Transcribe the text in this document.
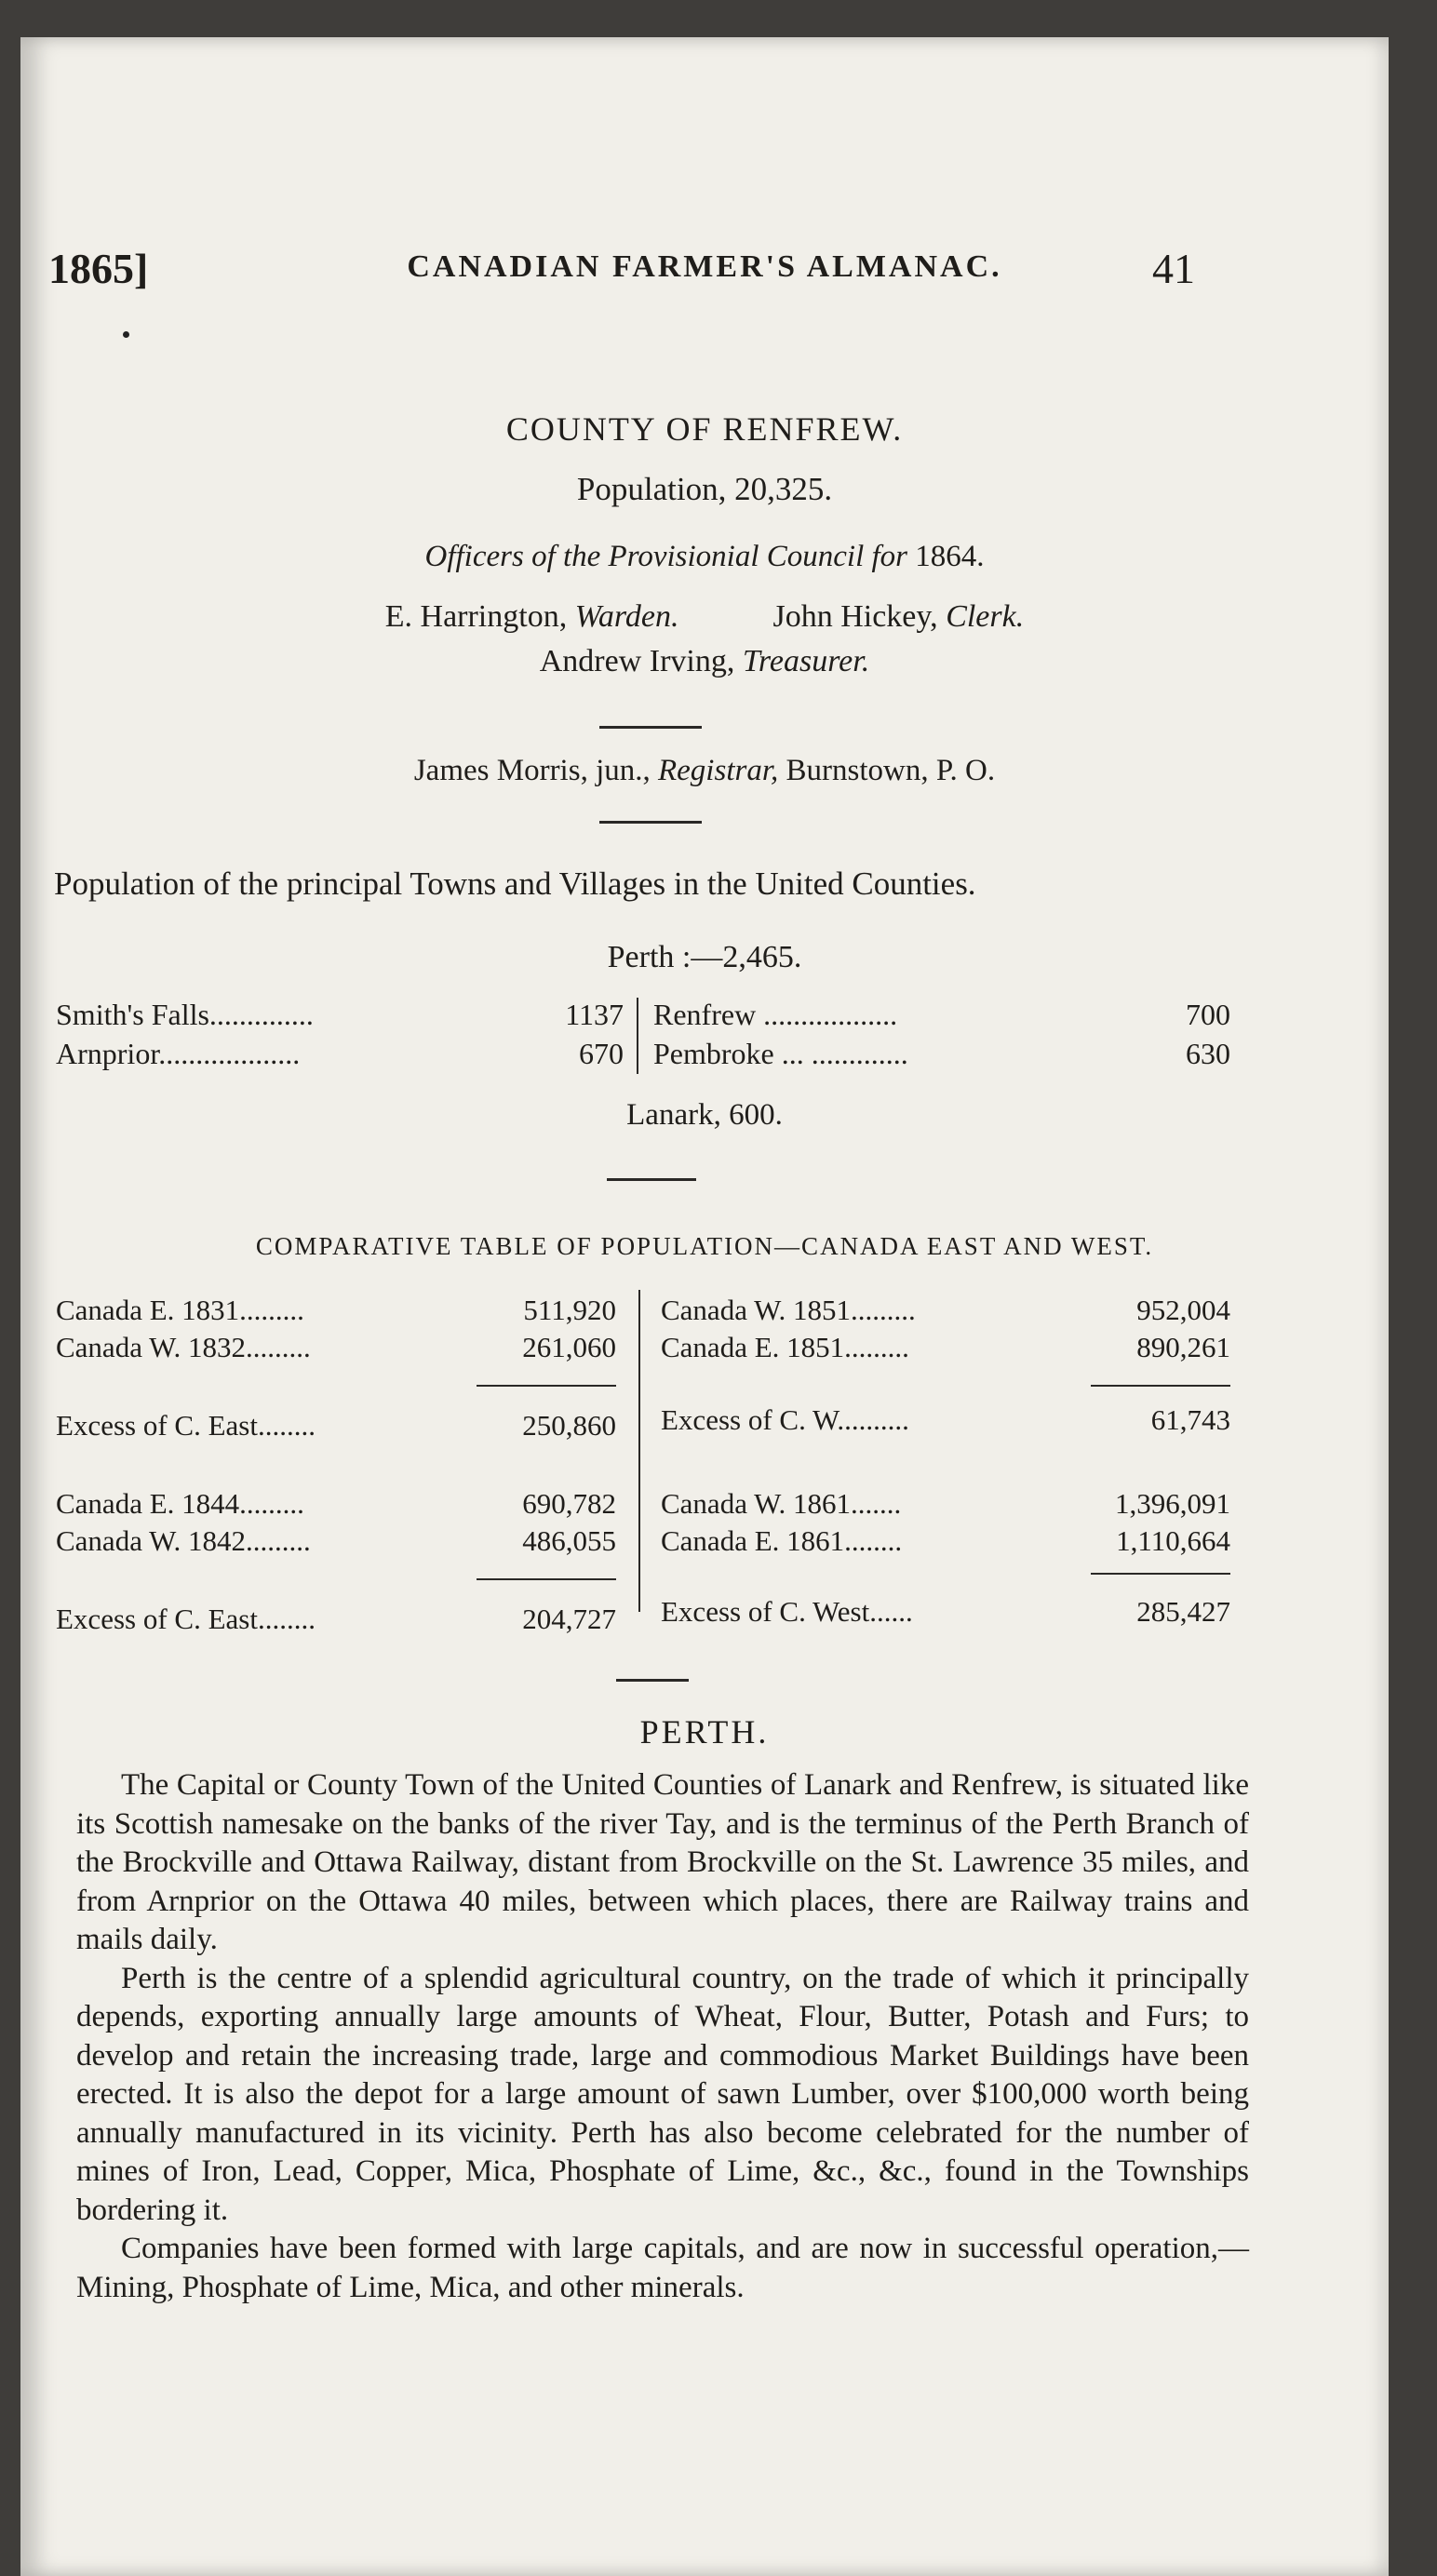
1865]	CANADIAN FARMER'S ALMANAC.	41
COUNTY OF RENFREW.
Population, 20,325.
Officers of the Provisionial Council for 1864.
E. Harrington, Warden.	John Hickey, Clerk.
Andrew Irving, Treasurer.
James Morris, jun., Registrar, Burnstown, P. O.
Population of the principal Towns and Villages in the United Counties.
Perth :—2,465.
Smith's Falls..............	1137
Arnprior...................	670
Renfrew ..................	700
Pembroke ... .............	630
Lanark, 600.
COMPARATIVE TABLE OF POPULATION—CANADA EAST AND WEST.
Canada E. 1831.........	511,920
Canada W. 1832.........	261,060
Excess of C. East........	250,860
Canada E. 1844.........	690,782
Canada W. 1842.........	486,055
Excess of C. East........	204,727
Canada W. 1851.........	952,004
Canada E. 1851.........	890,261
Excess of C. W..........	61,743
Canada W. 1861.......	1,396,091
Canada E. 1861........	1,110,664
Excess of C. West......	285,427
PERTH.

The Capital or County Town of the United Counties of Lanark and Renfrew, is situated like its Scottish namesake on the banks of the river Tay, and is the terminus of the Perth Branch of the Brockville and Ottawa Railway, distant from Brockville on the St. Lawrence 35 miles, and from Arnprior on the Ottawa 40 miles, between which places, there are Railway trains and mails daily.

Perth is the centre of a splendid agricultural country, on the trade of which it principally depends, exporting annually large amounts of Wheat, Flour, Butter, Potash and Furs; to develop and retain the increasing trade, large and commodious Market Buildings have been erected. It is also the depot for a large amount of sawn Lumber, over $100,000 worth being annually manufactured in its vicinity. Perth has also become celebrated for the number of mines of Iron, Lead, Copper, Mica, Phosphate of Lime, &c., &c., found in the Townships bordering it.

Companies have been formed with large capitals, and are now in successful operation,—Mining, Phosphate of Lime, Mica, and other minerals.
